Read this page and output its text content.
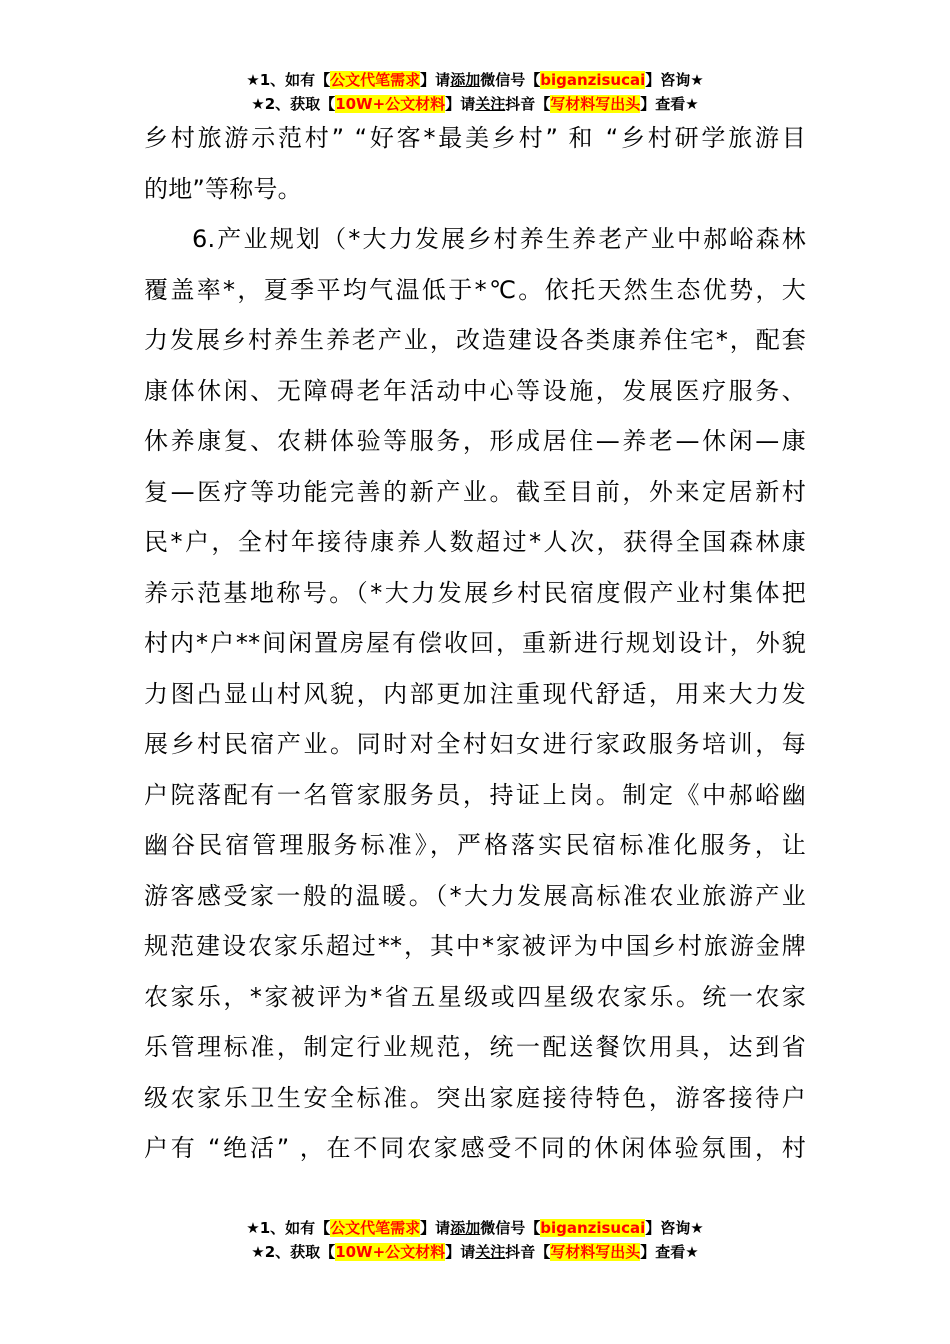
★1、如有【公文代笔需求】请添加微信号【biganzisucai】咨询★
★2、获取【10W+公文材料】请关注抖音【写材料写出头】查看★
乡村旅游示范村” “好客*最美乡村” 和 “乡村研学旅游目
的地”等称号。
6.产业规划（*大力发展乡村养生养老产业中郝峪森林
覆盖率*，夏季平均气温低于*℃。依托天然生态优势，大
力发展乡村养生养老产业，改造建设各类康养住宅*，配套
康体休闲、无障碍老年活动中心等设施，发展医疗服务、
休养康复、农耕体验等服务，形成居住—养老—休闲—康
复—医疗等功能完善的新产业。截至目前，外来定居新村
民*户，全村年接待康养人数超过*人次，获得全国森林康
养示范基地称号。（*大力发展乡村民宿度假产业村集体把
村内*户**间闲置房屋有偿收回，重新进行规划设计，外貌
力图凸显山村风貌，内部更加注重现代舒适，用来大力发
展乡村民宿产业。同时对全村妇女进行家政服务培训，每
户院落配有一名管家服务员，持证上岗。制定《中郝峪幽
幽谷民宿管理服务标准》，严格落实民宿标准化服务，让
游客感受家一般的温暖。（*大力发展高标准农业旅游产业
规范建设农家乐超过**，其中*家被评为中国乡村旅游金牌
农家乐，*家被评为*省五星级或四星级农家乐。统一农家
乐管理标准，制定行业规范，统一配送餐饮用具，达到省
级农家乐卫生安全标准。突出家庭接待特色，游客接待户
户有 “绝活” ，在不同农家感受不同的休闲体验氛围，村
★1、如有【公文代笔需求】请添加微信号【biganzisucai】咨询★
★2、获取【10W+公文材料】请关注抖音【写材料写出头】查看★
